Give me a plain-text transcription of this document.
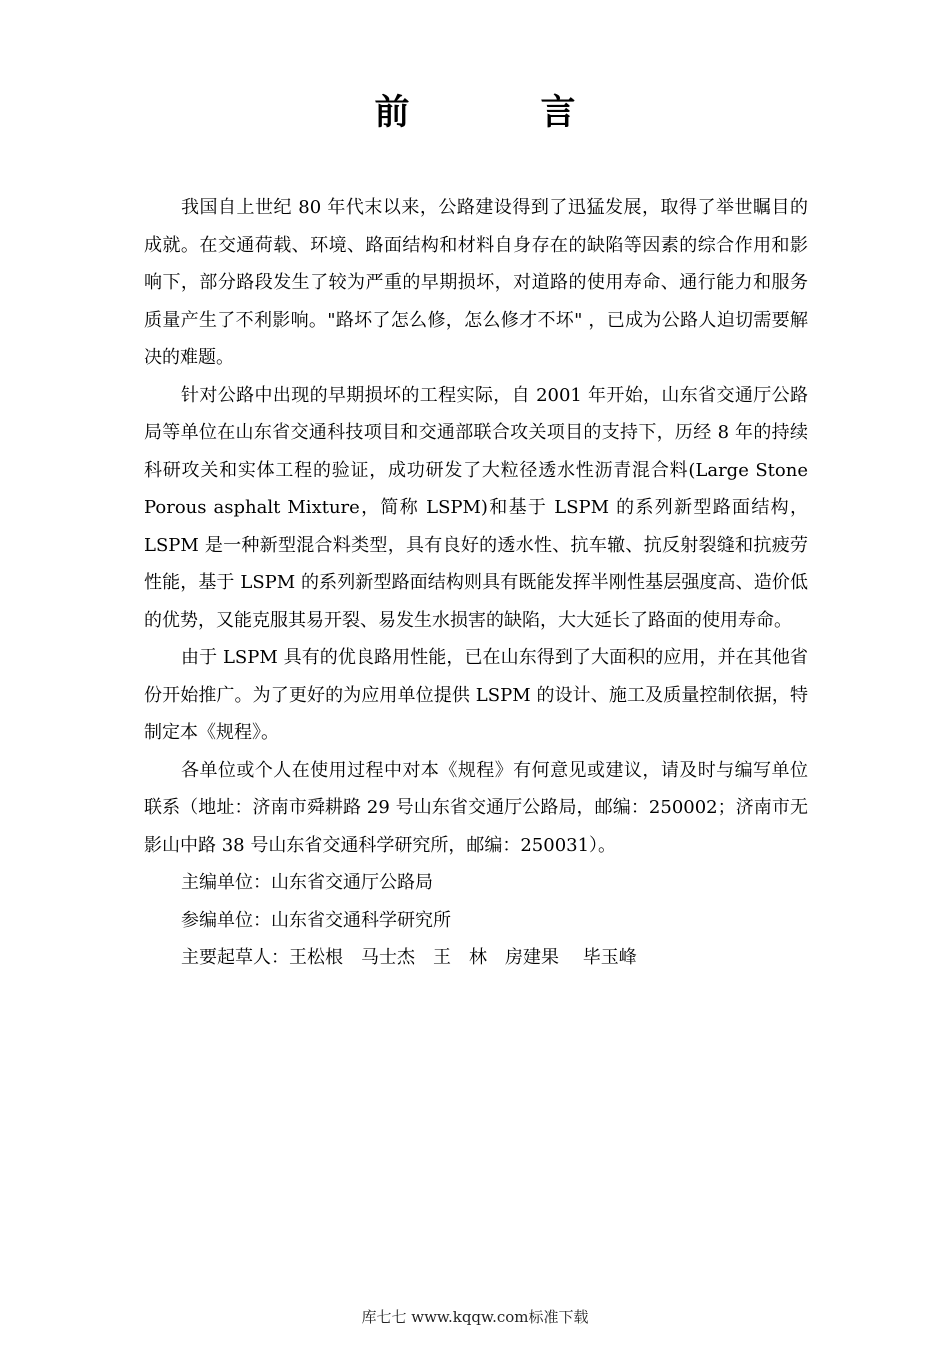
前　言

我国自上世纪 80 年代末以来，公路建设得到了迅猛发展，取得了举世瞩目的成就。在交通荷载、环境、路面结构和材料自身存在的缺陷等因素的综合作用和影响下，部分路段发生了较为严重的早期损坏，对道路的使用寿命、通行能力和服务质量产生了不利影响。"路坏了怎么修，怎么修才不坏" ，已成为公路人迫切需要解决的难题。

针对公路中出现的早期损坏的工程实际，自 2001 年开始，山东省交通厅公路局等单位在山东省交通科技项目和交通部联合攻关项目的支持下，历经 8 年的持续科研攻关和实体工程的验证，成功研发了大粒径透水性沥青混合料(Large Stone Porous asphalt Mixture，简称 LSPM)和基于 LSPM 的系列新型路面结构，LSPM 是一种新型混合料类型，具有良好的透水性、抗车辙、抗反射裂缝和抗疲劳性能，基于 LSPM 的系列新型路面结构则具有既能发挥半刚性基层强度高、造价低的优势，又能克服其易开裂、易发生水损害的缺陷，大大延长了路面的使用寿命。

由于 LSPM 具有的优良路用性能，已在山东得到了大面积的应用，并在其他省份开始推广。为了更好的为应用单位提供 LSPM 的设计、施工及质量控制依据，特制定本《规程》。

各单位或个人在使用过程中对本《规程》有何意见或建议，请及时与编写单位联系（地址：济南市舜耕路 29 号山东省交通厅公路局，邮编：250002；济南市无影山中路 38 号山东省交通科学研究所，邮编：250031）。

主编单位：山东省交通厅公路局
参编单位：山东省交通科学研究所
主要起草人：王松根　马士杰　王　林　房建果　 毕玉峰
库七七 www.kqqw.com标准下载
